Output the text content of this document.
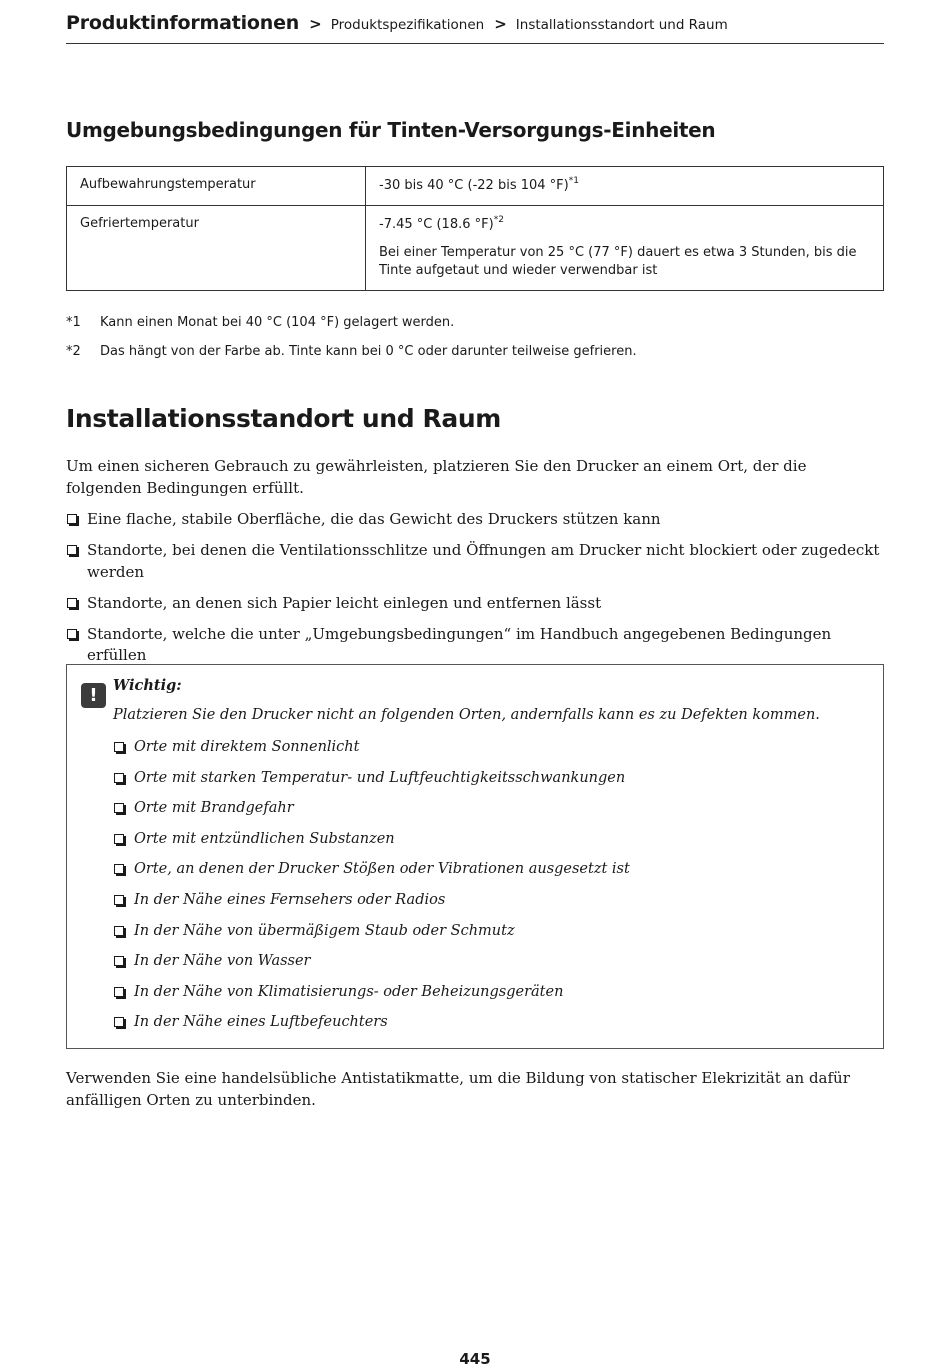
Produktinformationen > Produktspezifikationen > Installationsstandort und Raum
Umgebungsbedingungen für Tinten-Versorgungs-Einheiten
Aufbewahrungstemperatur	-30 bis 40 °C (-22 bis 104 °F)$^{*1}$

Gefriertemperatur	-7.45 °C (18.6 °F)$^{*2}$

Bei einer Temperatur von 25 °C (77 °F) dauert es etwa 3 Stunden, bis die Tinte aufgetaut und wieder verwendbar ist

*1 Kann einen Monat bei 40 °C (104 °F) gelagert werden.
*2 Das hängt von der Farbe ab. Tinte kann bei 0 °C oder darunter teilweise gefrieren.
Installationsstandort und Raum
Um einen sicheren Gebrauch zu gewährleisten, platzieren Sie den Drucker an einem Ort, der die folgenden Bedingungen erfüllt.
Eine flache, stabile Oberfläche, die das Gewicht des Druckers stützen kann
Standorte, bei denen die Ventilationsschlitze und Öffnungen am Drucker nicht blockiert oder zugedeckt werden
Standorte, an denen sich Papier leicht einlegen und entfernen lässt
Standorte, welche die unter „Umgebungsbedingungen“ im Handbuch angegebenen Bedingungen erfüllen
!	Wichtig:
Platzieren Sie den Drucker nicht an folgenden Orten, andernfalls kann es zu Defekten kommen.
Orte mit direktem Sonnenlicht
Orte mit starken Temperatur- und Luftfeuchtigkeitsschwankungen
Orte mit Brandgefahr
Orte mit entzündlichen Substanzen
Orte, an denen der Drucker Stößen oder Vibrationen ausgesetzt ist
In der Nähe eines Fernsehers oder Radios
In der Nähe von übermäßigem Staub oder Schmutz
In der Nähe von Wasser
In der Nähe von Klimatisierungs- oder Beheizungsgeräten
In der Nähe eines Luftbefeuchters
Verwenden Sie eine handelsübliche Antistatikmatte, um die Bildung von statischer Elekrizität an dafür anfälligen Orten zu unterbinden.
445
